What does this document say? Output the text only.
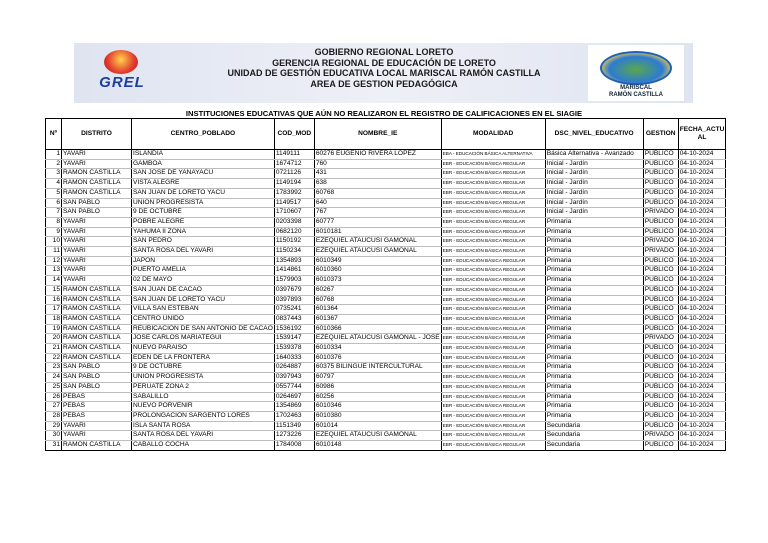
GREL
GOBIERNO REGIONAL LORETO
GERENCIA REGIONAL DE EDUCACIÓN DE LORETO
UNIDAD DE GESTIÓN EDUCATIVA LOCAL MARISCAL RAMÓN CASTILLA
AREA DE GESTION PEDAGÓGICA	MARISCAL
RAMÓN CASTILLA
INSTITUCIONES EDUCATIVAS QUE AÚN NO REALIZARON EL REGISTRO DE CALIFICACIONES EN EL SIAGIE
Nº	DISTRITO	CENTRO_POBLADO	COD_MOD	NOMBRE_IE	MODALIDAD	DSC_NIVEL_EDUCATIVO	GESTION	FECHA_ACTU AL
1	YAVARI	ISLANDIA	1149111	60276 EUGENIO RIVERA LOPEZ	EBA - EDUCACIÓN BÁSICA ALTERNATIVA	Básica Alternativa - Avanzado	PUBLICO	04-10-2024
2	YAVARI	GAMBOA	1674712	760	EBR - EDUCACIÓN BÁSICA REGULAR	Inicial - Jardín	PUBLICO	04-10-2024
3	RAMÓN CASTILLA	SAN JOSE DE YANAYACU	0721126	431	EBR - EDUCACIÓN BÁSICA REGULAR	Inicial - Jardín	PUBLICO	04-10-2024
4	RAMÓN CASTILLA	VISTA ALEGRE	1149194	638	EBR - EDUCACIÓN BÁSICA REGULAR	Inicial - Jardín	PUBLICO	04-10-2024
5	RAMÓN CASTILLA	SAN JUAN DE LORETO YACU	1783992	60768	EBR - EDUCACIÓN BÁSICA REGULAR	Inicial - Jardín	PUBLICO	04-10-2024
6	SAN PABLO	UNION PROGRESISTA	1149517	640	EBR - EDUCACIÓN BÁSICA REGULAR	Inicial - Jardín	PUBLICO	04-10-2024
7	SAN PABLO	9 DE OCTUBRE	1710607	767	EBR - EDUCACIÓN BÁSICA REGULAR	Inicial - Jardín	PRIVADO	04-10-2024
8	YAVARI	POBRE ALEGRE	0203398	60777	EBR - EDUCACIÓN BÁSICA REGULAR	Primaria	PUBLICO	04-10-2024
9	YAVARI	YAHUMA II ZONA	0682120	6010181	EBR - EDUCACIÓN BÁSICA REGULAR	Primaria	PUBLICO	04-10-2024
10	YAVARI	SAN PEDRO	1150192	EZEQUIEL ATAUCUSI GAMONAL	EBR - EDUCACIÓN BÁSICA REGULAR	Primaria	PRIVADO	04-10-2024
11	YAVARI	SANTA ROSA DEL YAVARI	1150234	EZEQUIEL ATAUCUSI GAMONAL	EBR - EDUCACIÓN BÁSICA REGULAR	Primaria	PRIVADO	04-10-2024
12	YAVARI	JAPON	1354893	6010349	EBR - EDUCACIÓN BÁSICA REGULAR	Primaria	PUBLICO	04-10-2024
13	YAVARI	PUERTO AMELIA	1414861	6010360	EBR - EDUCACIÓN BÁSICA REGULAR	Primaria	PUBLICO	04-10-2024
14	YAVARI	02 DE MAYO	1579903	6010373	EBR - EDUCACIÓN BÁSICA REGULAR	Primaria	PUBLICO	04-10-2024
15	RAMÓN CASTILLA	SAN JUAN DE CACAO	0397679	60267	EBR - EDUCACIÓN BÁSICA REGULAR	Primaria	PUBLICO	04-10-2024
16	RAMÓN CASTILLA	SAN JUAN DE LORETO YACU	0397893	60768	EBR - EDUCACIÓN BÁSICA REGULAR	Primaria	PUBLICO	04-10-2024
17	RAMÓN CASTILLA	VILLA SAN ESTEBAN	0735241	601364	EBR - EDUCACIÓN BÁSICA REGULAR	Primaria	PUBLICO	04-10-2024
18	RAMÓN CASTILLA	CENTRO UNIDO	0837443	601367	EBR - EDUCACIÓN BÁSICA REGULAR	Primaria	PUBLICO	04-10-2024
19	RAMÓN CASTILLA	REUBICACION DE SAN ANTONIO DE CACAO	1536192	6010366	EBR - EDUCACIÓN BÁSICA REGULAR	Primaria	PUBLICO	04-10-2024
20	RAMÓN CASTILLA	JOSE CARLOS MARIATEGUI	1539147	EZEQUIEL ATAUCUSI GAMONAL - JOSE	EBR - EDUCACIÓN BÁSICA REGULAR	Primaria	PRIVADO	04-10-2024
21	RAMÓN CASTILLA	NUEVO PARAISO	1539378	6010334	EBR - EDUCACIÓN BÁSICA REGULAR	Primaria	PUBLICO	04-10-2024
22	RAMÓN CASTILLA	EDEN DE LA FRONTERA	1640333	6010376	EBR - EDUCACIÓN BÁSICA REGULAR	Primaria	PUBLICO	04-10-2024
23	SAN PABLO	9 DE OCTUBRE	0264887	60375 BILINGUE INTERCULTURAL	EBR - EDUCACIÓN BÁSICA REGULAR	Primaria	PUBLICO	04-10-2024
24	SAN PABLO	UNION PROGRESISTA	0397943	60797	EBR - EDUCACIÓN BÁSICA REGULAR	Primaria	PUBLICO	04-10-2024
25	SAN PABLO	PERUATE ZONA 2	0557744	60986	EBR - EDUCACIÓN BÁSICA REGULAR	Primaria	PUBLICO	04-10-2024
26	PEBAS	SABALILLO	0264697	60256	EBR - EDUCACIÓN BÁSICA REGULAR	Primaria	PUBLICO	04-10-2024
27	PEBAS	NUEVO PORVENIR	1354869	6010346	EBR - EDUCACIÓN BÁSICA REGULAR	Primaria	PUBLICO	04-10-2024
28	PEBAS	PROLONGACION SARGENTO LORES	1702463	6010380	EBR - EDUCACIÓN BÁSICA REGULAR	Primaria	PUBLICO	04-10-2024
29	YAVARI	ISLA SANTA ROSA	1151349	601014	EBR - EDUCACIÓN BÁSICA REGULAR	Secundaria	PUBLICO	04-10-2024
30	YAVARI	SANTA ROSA DEL YAVARI	1273226	EZEQUIEL ATAUCUSI GAMONAL	EBR - EDUCACIÓN BÁSICA REGULAR	Secundaria	PRIVADO	04-10-2024
31	RAMÓN CASTILLA	CABALLO COCHA	1784008	6010148	EBR - EDUCACIÓN BÁSICA REGULAR	Secundaria	PUBLICO	04-10-2024
